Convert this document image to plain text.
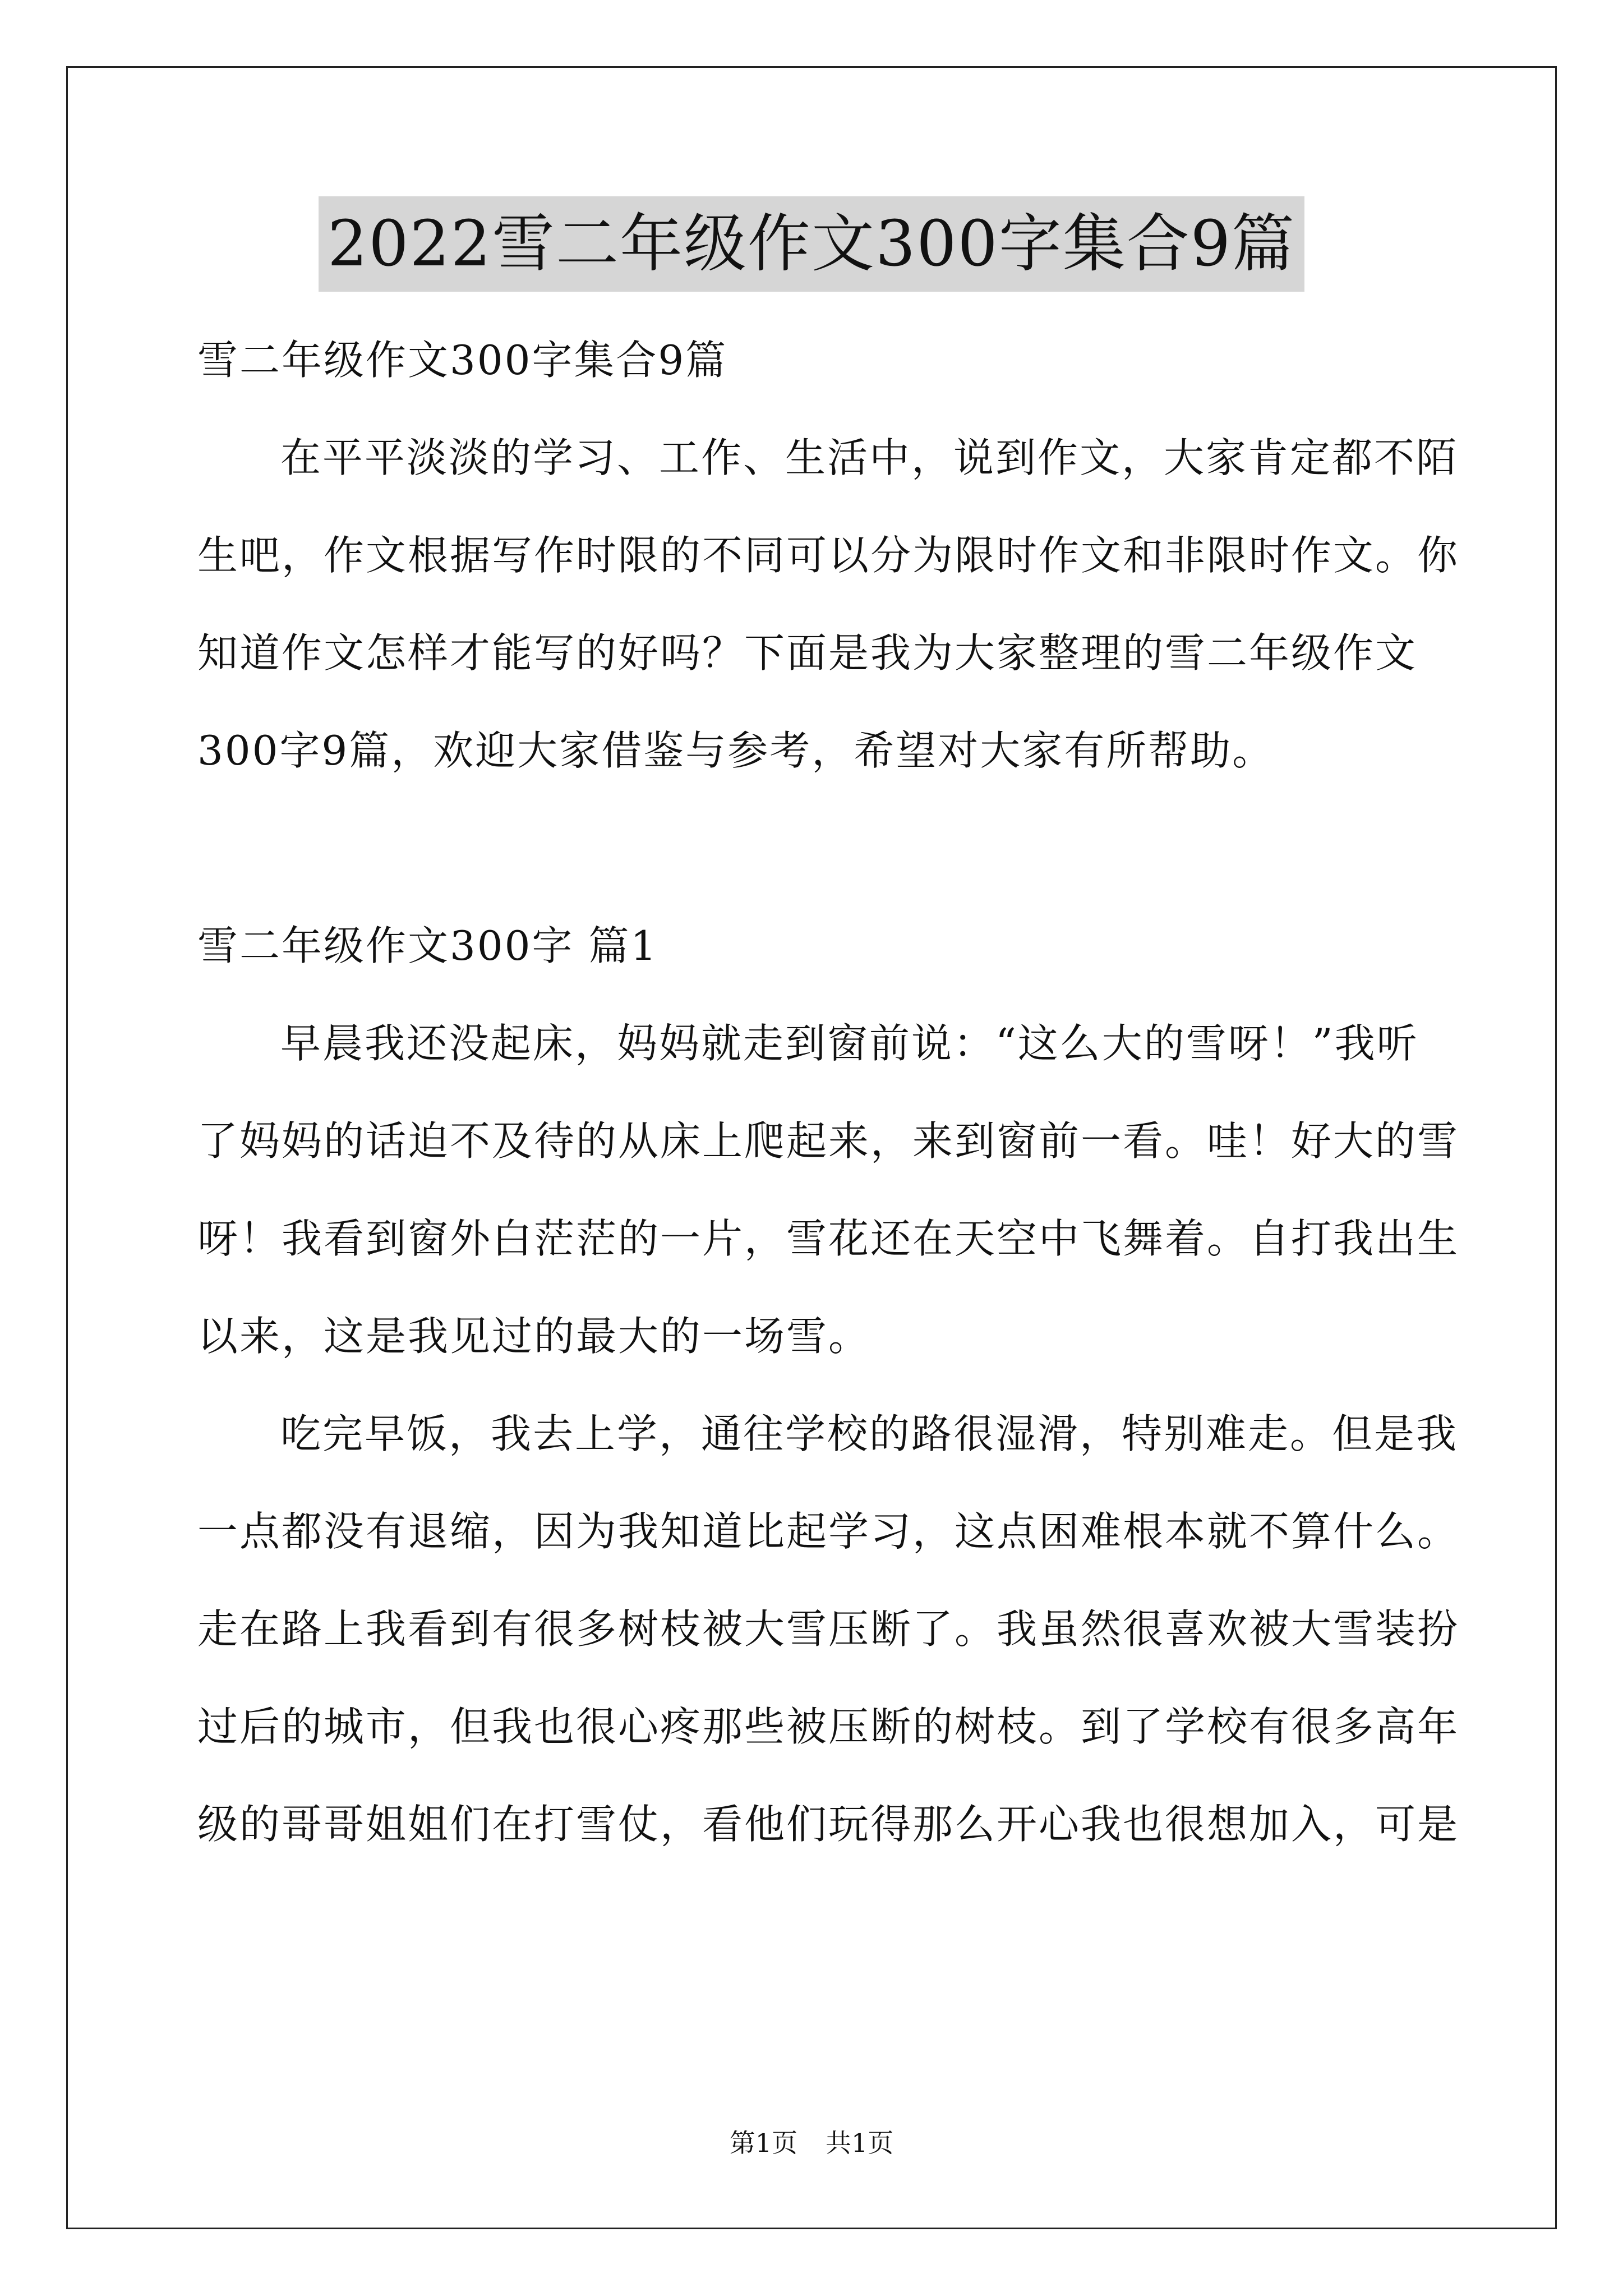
2022雪二年级作文300字集合9篇
雪二年级作文300字集合9篇
在平平淡淡的学习、工作、生活中，说到作文，大家肯定都不陌
生吧，作文根据写作时限的不同可以分为限时作文和非限时作文。你
知道作文怎样才能写的好吗？下面是我为大家整理的雪二年级作文
300字9篇，欢迎大家借鉴与参考，希望对大家有所帮助。
雪二年级作文300字 篇1
早晨我还没起床，妈妈就走到窗前说：“这么大的雪呀！”我听
了妈妈的话迫不及待的从床上爬起来，来到窗前一看。哇！好大的雪
呀！我看到窗外白茫茫的一片，雪花还在天空中飞舞着。自打我出生
以来，这是我见过的最大的一场雪。
吃完早饭，我去上学，通往学校的路很湿滑，特别难走。但是我
一点都没有退缩，因为我知道比起学习，这点困难根本就不算什么。
走在路上我看到有很多树枝被大雪压断了。我虽然很喜欢被大雪装扮
过后的城市，但我也很心疼那些被压断的树枝。到了学校有很多高年
级的哥哥姐姐们在打雪仗，看他们玩得那么开心我也很想加入，可是
第1页 共1页
